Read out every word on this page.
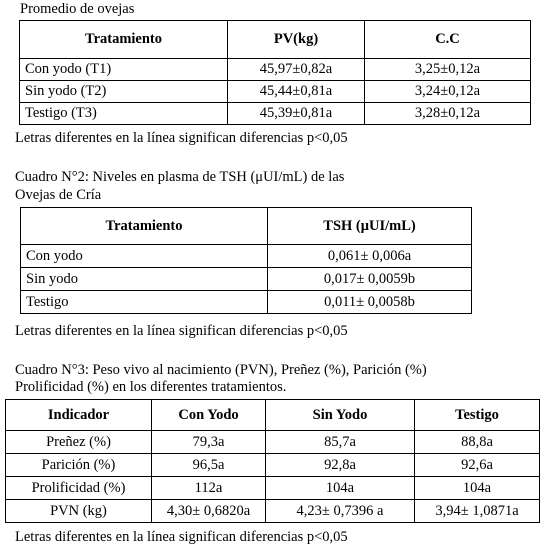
Promedio de ovejas
Tratamiento	PV(kg)	C.C
Con yodo (T1)	45,97±0,82a	3,25±0,12a
Sin yodo (T2)	45,44±0,81a	3,24±0,12a
Testigo (T3)	45,39±0,81a	3,28±0,12a
Letras diferentes en la línea significan diferencias p<0,05
Cuadro N°2: Niveles en plasma de TSH (μUI/mL) de las
Ovejas de Cría
Tratamiento	TSH (μUI/mL)
Con yodo	0,061± 0,006a
Sin yodo	0,017± 0,0059b
Testigo	0,011± 0,0058b
Letras diferentes en la línea significan diferencias p<0,05
Cuadro N°3: Peso vivo al nacimiento (PVN), Preñez (%), Parición (%)
Prolificidad (%) en los diferentes tratamientos.
Indicador	Con Yodo	Sin Yodo	Testigo
Preñez (%)	79,3a	85,7a	88,8a
Parición (%)	96,5a	92,8a	92,6a
Prolificidad (%)	112a	104a	104a
PVN (kg)	4,30± 0,6820a	4,23± 0,7396 a	3,94± 1,0871a
Letras diferentes en la línea significan diferencias p<0,05
